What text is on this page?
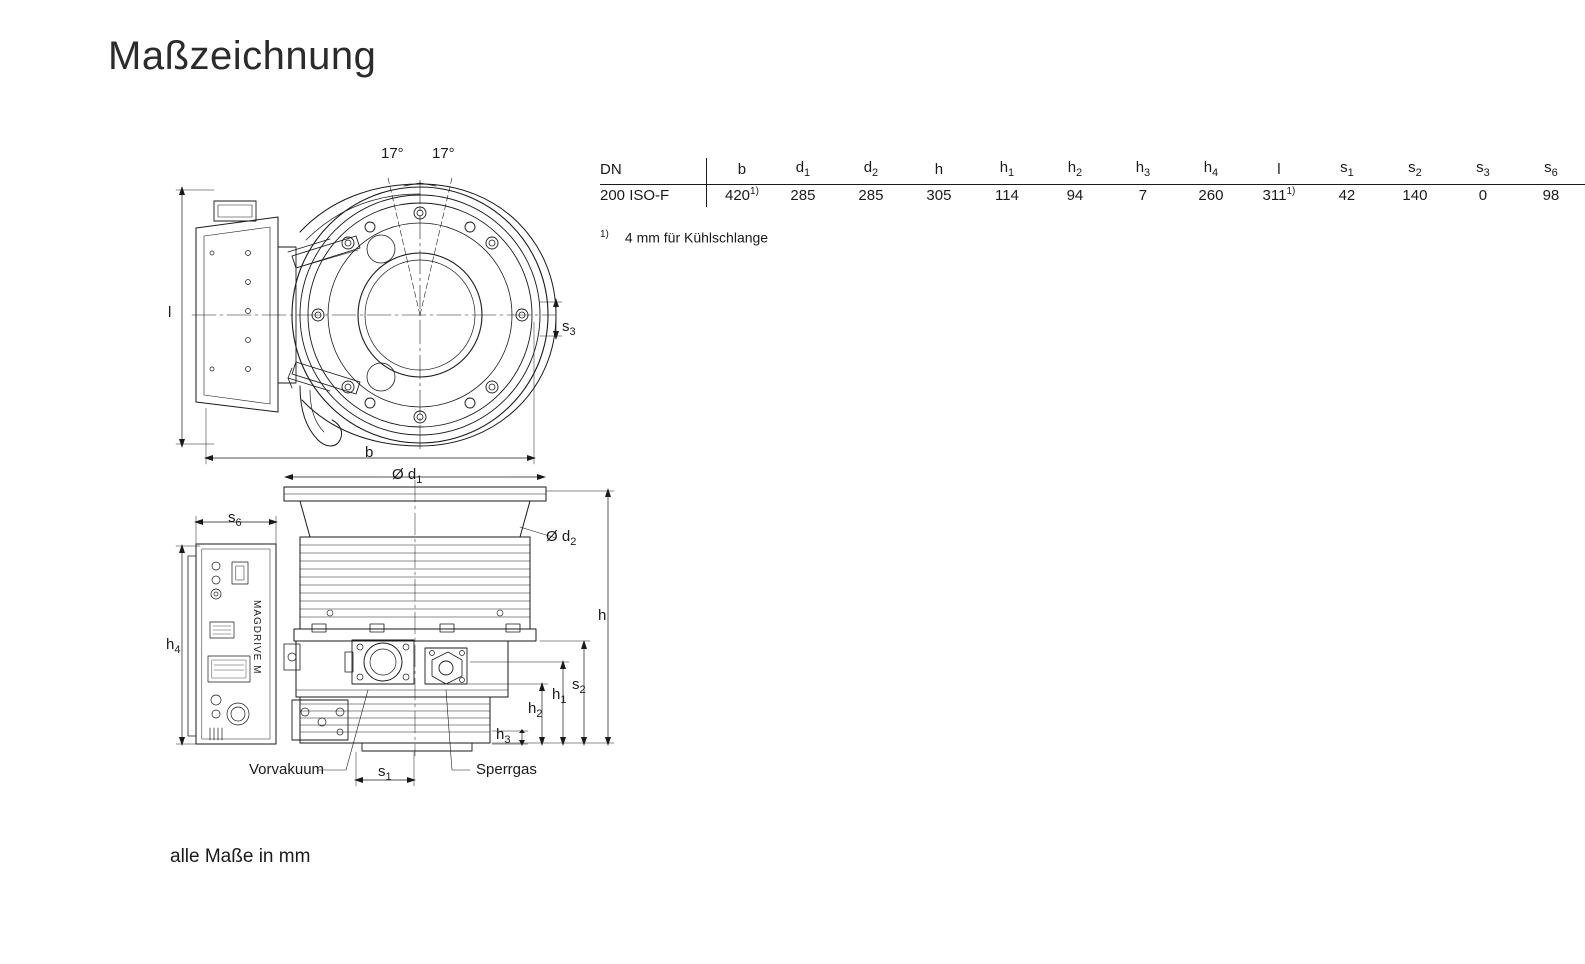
Maßzeichnung
DN	b	$d_1$	$d_2$	h	$h_1$	$h_2$	$h_3$	$h_4$	l	$s_1$	$s_2$	$s_3$	$s_6$
200 ISO-F	420$^{1)}$	285	285	305	114	94	7	260	311$^{1)}$	42	140	0	98
$^{1)}$ 4 mm für Kühlschlange
17° 17°
l
b
$s_3$
Ø $d_1$
Ø $d_2$
h
$h_1$
$h_2$
$h_3$
$h_4$
$s_2$
$s_6$
$s_1$
Vorvakuum	Sperrgas
MAGDRIVE M
alle Maße in mm
